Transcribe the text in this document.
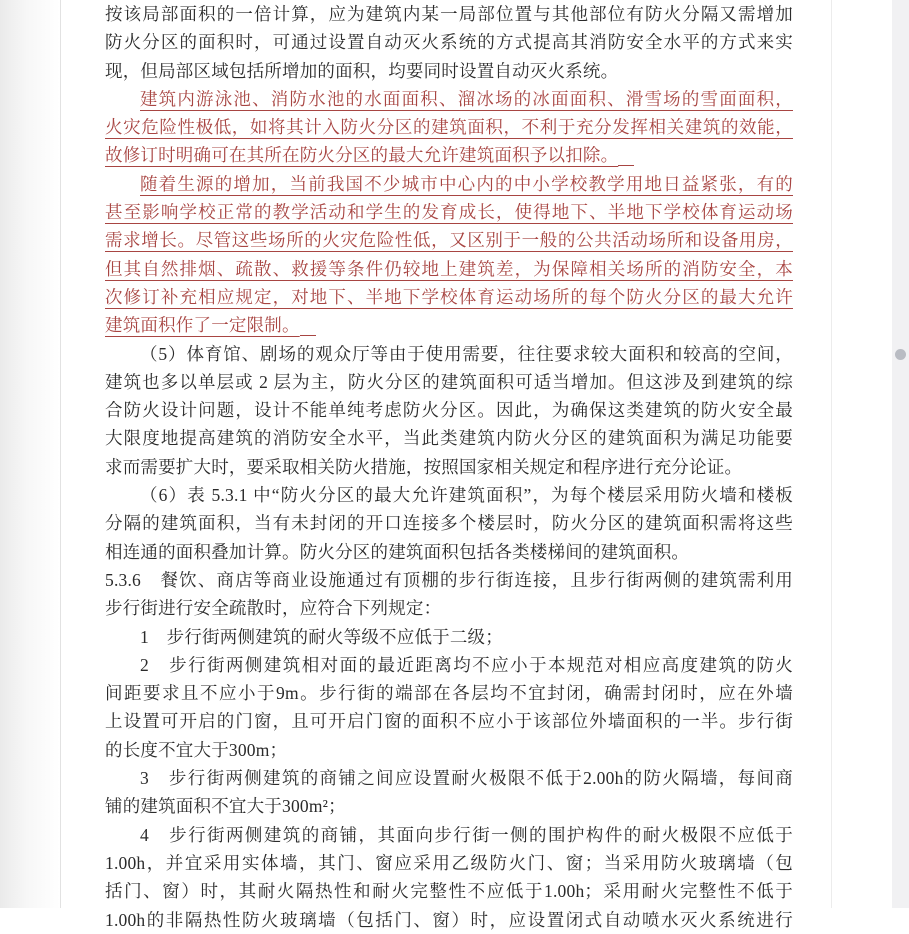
按该局部面积的一倍计算，应为建筑内某一局部位置与其他部位有防火分隔又需增加
防火分区的面积时，可通过设置自动灭火系统的方式提高其消防安全水平的方式来实
现，但局部区域包括所增加的面积，均要同时设置自动灭火系统。
建筑内游泳池、消防水池的水面面积、溜冰场的冰面面积、滑雪场的雪面面积，
火灾危险性极低，如将其计入防火分区的建筑面积，不利于充分发挥相关建筑的效能，
故修订时明确可在其所在防火分区的最大允许建筑面积予以扣除。
随着生源的增加，当前我国不少城市中心内的中小学校教学用地日益紧张，有的
甚至影响学校正常的教学活动和学生的发育成长，使得地下、半地下学校体育运动场
需求增长。尽管这些场所的火灾危险性低，又区别于一般的公共活动场所和设备用房，
但其自然排烟、疏散、救援等条件仍较地上建筑差，为保障相关场所的消防安全，本
次修订补充相应规定，对地下、半地下学校体育运动场所的每个防火分区的最大允许
建筑面积作了一定限制。
（5）体育馆、剧场的观众厅等由于使用需要，往往要求较大面积和较高的空间，
建筑也多以单层或 2 层为主，防火分区的建筑面积可适当增加。但这涉及到建筑的综
合防火设计问题，设计不能单纯考虑防火分区。因此，为确保这类建筑的防火安全最
大限度地提高建筑的消防安全水平，当此类建筑内防火分区的建筑面积为满足功能要
求而需要扩大时，要采取相关防火措施，按照国家相关规定和程序进行充分论证。
（6）表 5.3.1 中“防火分区的最大允许建筑面积”，为每个楼层采用防火墙和楼板
分隔的建筑面积，当有未封闭的开口连接多个楼层时，防火分区的建筑面积需将这些
相连通的面积叠加计算。防火分区的建筑面积包括各类楼梯间的建筑面积。
5.3.6　餐饮、商店等商业设施通过有顶棚的步行街连接，且步行街两侧的建筑需利用
步行街进行安全疏散时，应符合下列规定：
1　步行街两侧建筑的耐火等级不应低于二级；
2　步行街两侧建筑相对面的最近距离均不应小于本规范对相应高度建筑的防火
间距要求且不应小于9m。步行街的端部在各层均不宜封闭，确需封闭时，应在外墙
上设置可开启的门窗，且可开启门窗的面积不应小于该部位外墙面积的一半。步行街
的长度不宜大于300m；
3　步行街两侧建筑的商铺之间应设置耐火极限不低于2.00h的防火隔墙，每间商
铺的建筑面积不宜大于300m²；
4　步行街两侧建筑的商铺，其面向步行街一侧的围护构件的耐火极限不应低于
1.00h，并宜采用实体墙，其门、窗应采用乙级防火门、窗；当采用防火玻璃墙（包
括门、窗）时，其耐火隔热性和耐火完整性不应低于1.00h；采用耐火完整性不低于
1.00h的非隔热性防火玻璃墙（包括门、窗）时，应设置闭式自动喷水灭火系统进行
